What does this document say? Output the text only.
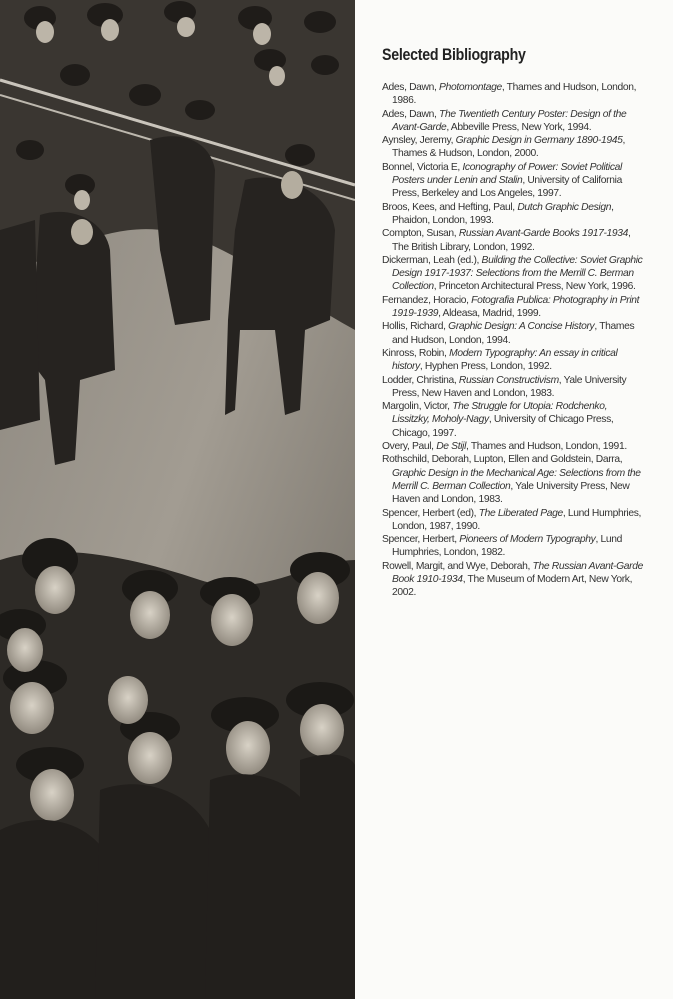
Selected Bibliography
Ades, Dawn, Photomontage, Thames and Hudson, London, 1986.
Ades, Dawn, The Twentieth Century Poster: Design of the Avant-Garde, Abbeville Press, New York, 1994.
Aynsley, Jeremy, Graphic Design in Germany 1890-1945, Thames & Hudson, London, 2000.
Bonnel, Victoria E, Iconography of Power: Soviet Political Posters under Lenin and Stalin, University of California Press, Berkeley and Los Angeles, 1997.
Broos, Kees, and Hefting, Paul, Dutch Graphic Design, Phaidon, London, 1993.
Compton, Susan, Russian Avant-Garde Books 1917-1934, The British Library, London, 1992.
Dickerman, Leah (ed.), Building the Collective: Soviet Graphic Design 1917-1937: Selections from the Merrill C. Berman Collection, Princeton Architectural Press, New York, 1996.
Fernandez, Horacio, Fotografia Publica: Photography in Print 1919-1939, Aldeasa, Madrid, 1999.
Hollis, Richard, Graphic Design: A Concise History, Thames and Hudson, London, 1994.
Kinross, Robin, Modern Typography: An essay in critical history, Hyphen Press, London, 1992.
Lodder, Christina, Russian Constructivism, Yale University Press, New Haven and London, 1983.
Margolin, Victor, The Struggle for Utopia: Rodchenko, Lissitzky, Moholy-Nagy, University of Chicago Press, Chicago, 1997.
Overy, Paul, De Stijl, Thames and Hudson, London, 1991.
Rothschild, Deborah, Lupton, Ellen and Goldstein, Darra, Graphic Design in the Mechanical Age: Selections from the Merrill C. Berman Collection, Yale University Press, New Haven and London, 1983.
Spencer, Herbert (ed), The Liberated Page, Lund Humphries, London, 1987, 1990.
Spencer, Herbert, Pioneers of Modern Typography, Lund Humphries, London, 1982.
Rowell, Margit, and Wye, Deborah, The Russian Avant-Garde Book 1910-1934, The Museum of Modern Art, New York, 2002.
